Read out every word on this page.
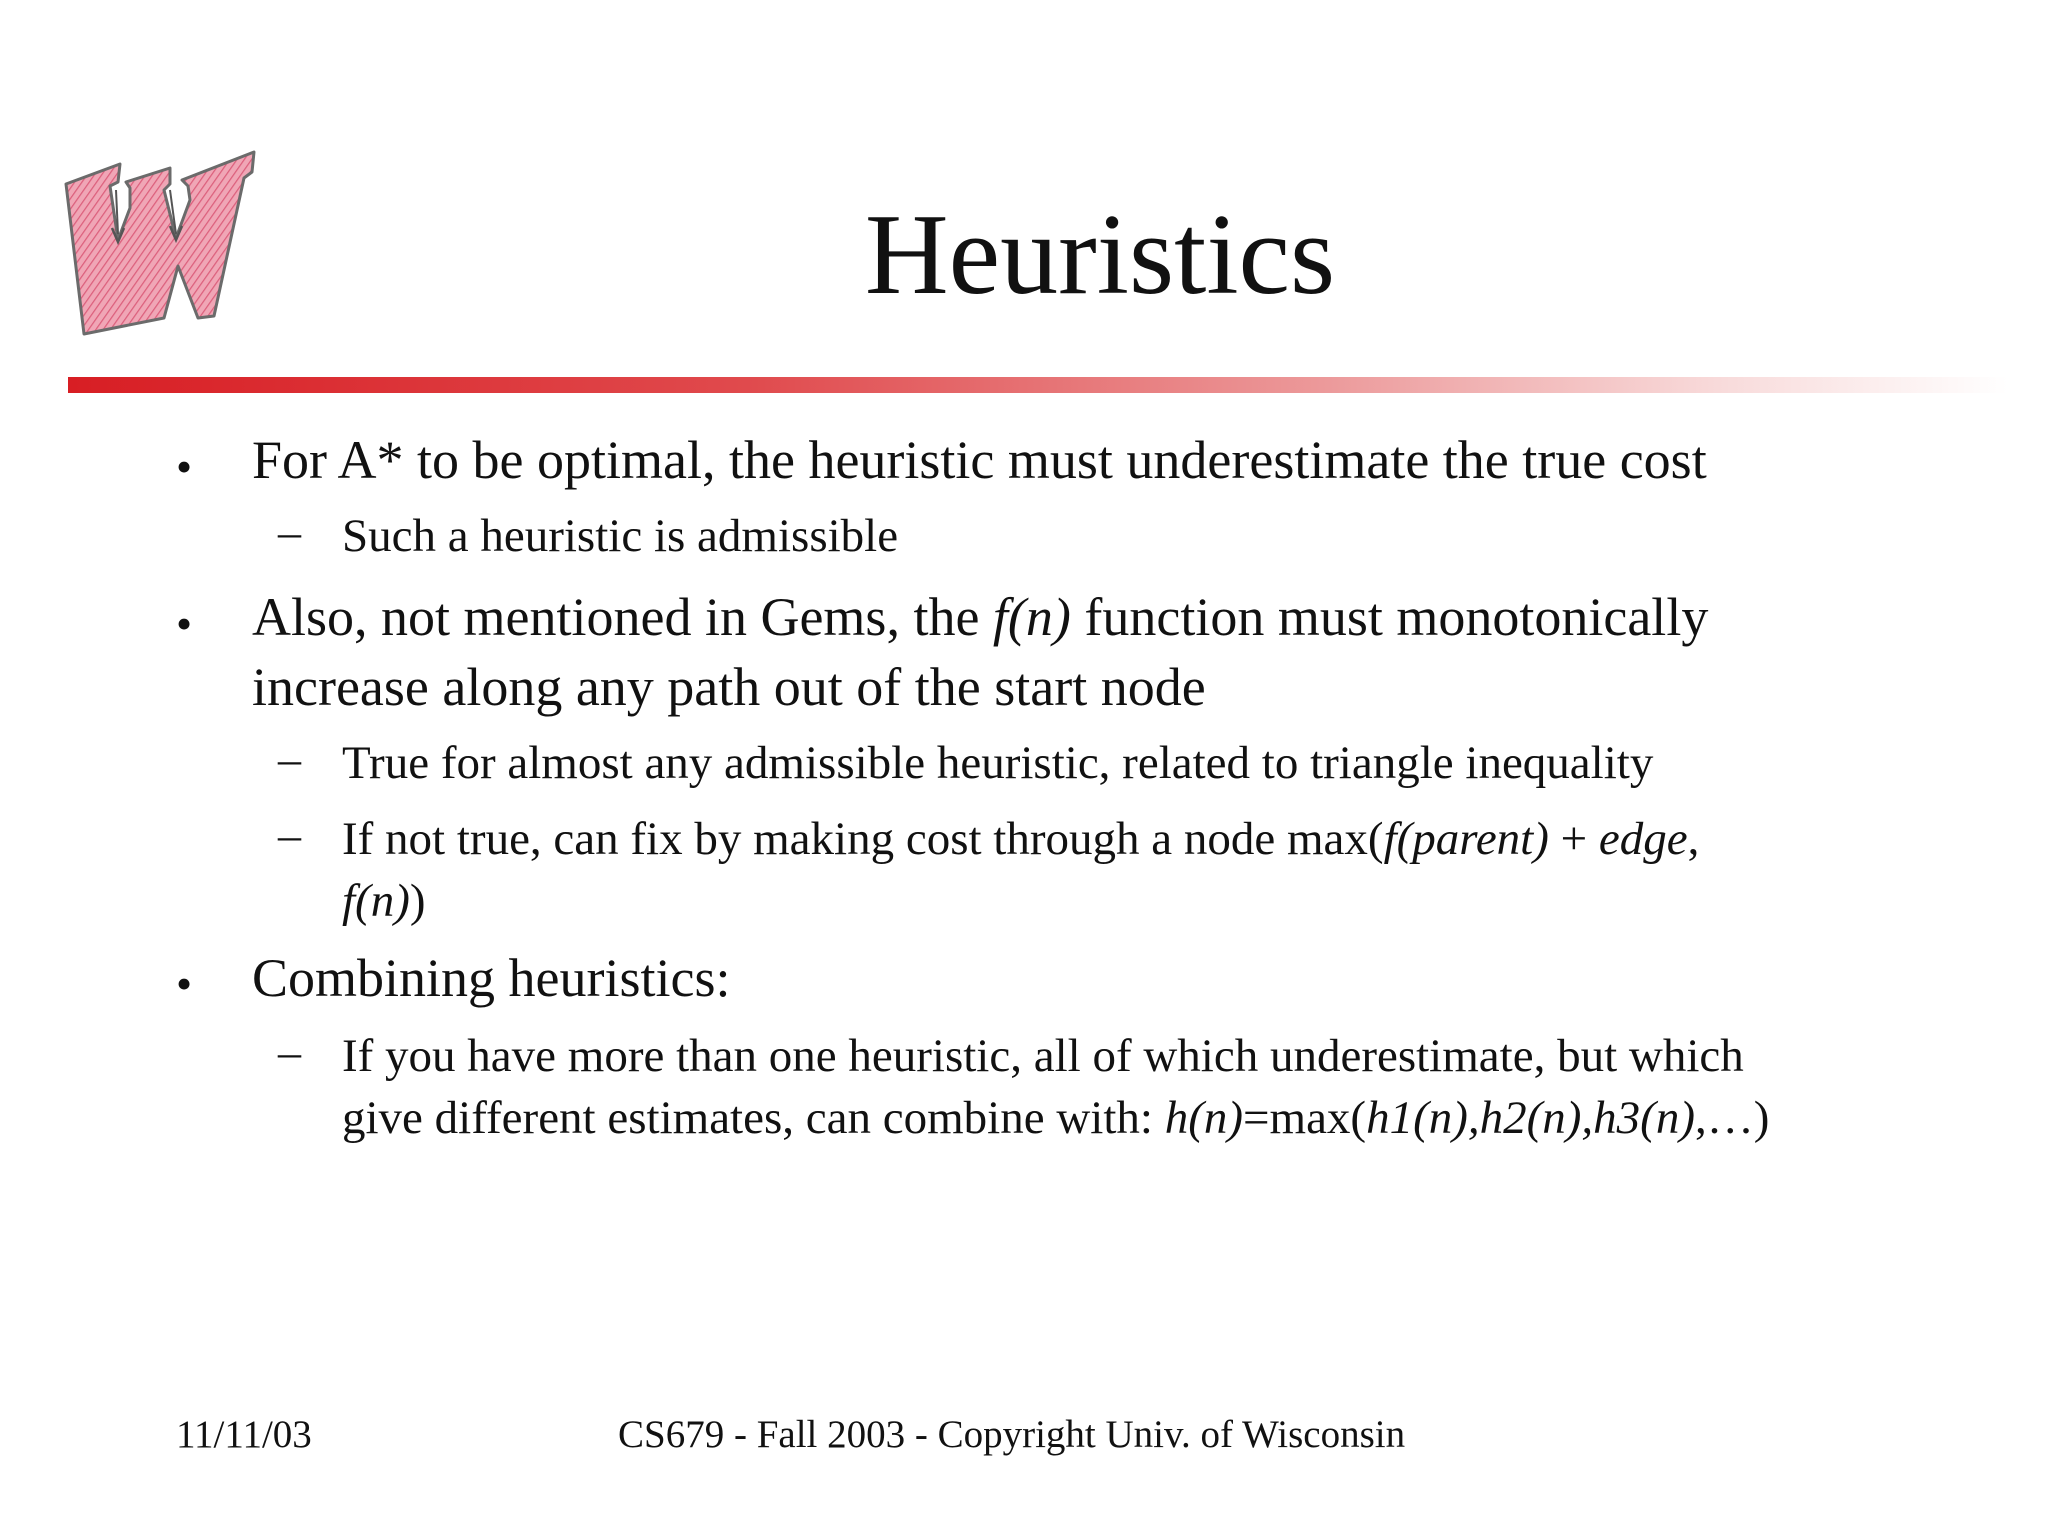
Heuristics
• For A* to be optimal, the heuristic must underestimate the true cost
– Such a heuristic is admissible
• Also, not mentioned in Gems, the f(n) function must monotonically
increase along any path out of the start node
– True for almost any admissible heuristic, related to triangle inequality
– If not true, can fix by making cost through a node max(f(parent) + edge,
f(n))
• Combining heuristics:
– If you have more than one heuristic, all of which underestimate, but which
give different estimates, can combine with: h(n)=max(h1(n),h2(n),h3(n),…)
11/11/03	CS679 - Fall 2003 - Copyright Univ. of Wisconsin
